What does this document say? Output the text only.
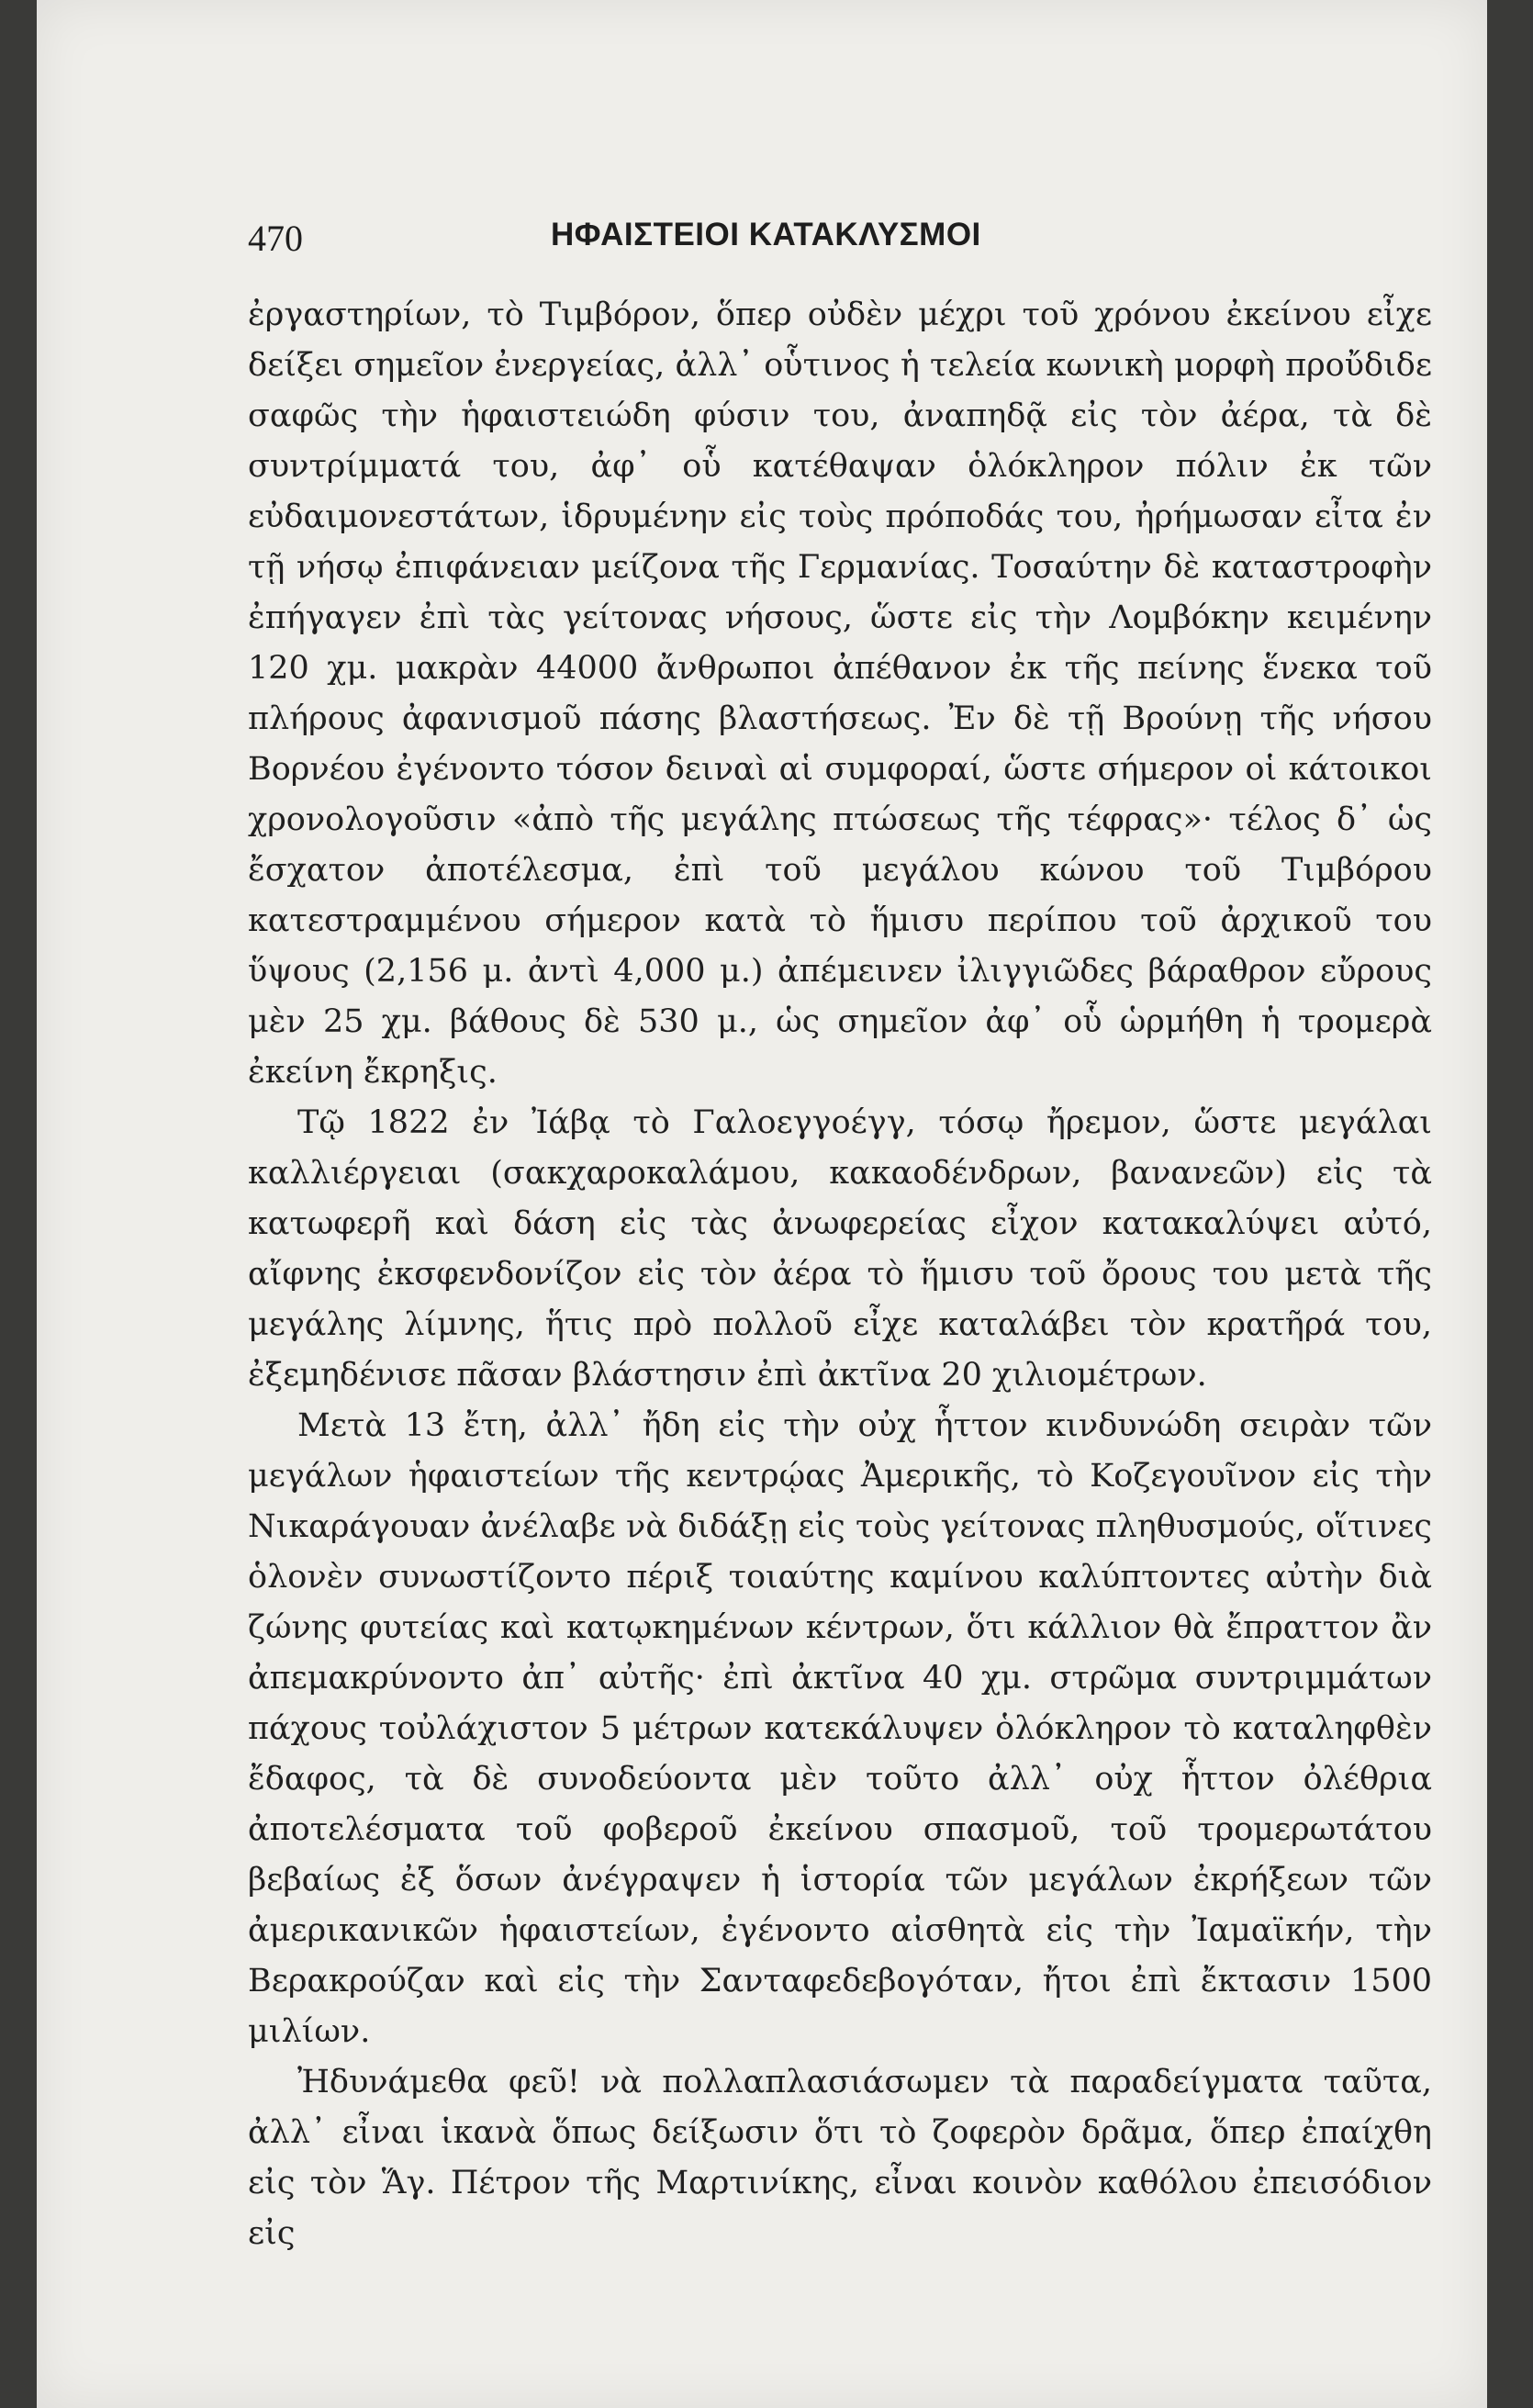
470	ΗΦΑΙΣΤΕΙΟΙ ΚΑΤΑΚΛΥΣΜΟΙ

ἐργαστηρίων, τὸ Τιμβόρον, ὅπερ οὐδὲν μέχρι τοῦ χρόνου ἐκείνου εἶχε δείξει σημεῖον ἐνεργείας, ἀλλ᾽ οὗτινος ἡ τελεία κωνικὴ μορφὴ προὔδιδε σαφῶς τὴν ἡφαιστειώδη φύσιν του, ἀναπηδᾷ εἰς τὸν ἀέρα, τὰ δὲ συντρίμματά του, ἀφ᾽ οὗ κατέθαψαν ὁλόκληρον πόλιν ἐκ τῶν εὐδαιμονεστάτων, ἱδρυμένην εἰς τοὺς πρόποδάς του, ἠρήμωσαν εἶτα ἐν τῇ νήσῳ ἐπιφάνειαν μείζονα τῆς Γερμανίας. Τοσαύτην δὲ καταστροφὴν ἐπήγαγεν ἐπὶ τὰς γείτονας νήσους, ὥστε εἰς τὴν Λομβόκην κειμένην 120 χμ. μακρὰν 44000 ἄνθρωποι ἀπέθανον ἐκ τῆς πείνης ἕνεκα τοῦ πλήρους ἀφανισμοῦ πάσης βλαστήσεως. Ἐν δὲ τῇ Βρούνῃ τῆς νήσου Βορνέου ἐγένοντο τόσον δειναὶ αἱ συμφοραί, ὥστε σήμερον οἱ κάτοικοι χρονολογοῦσιν «ἀπὸ τῆς μεγάλης πτώσεως τῆς τέφρας»· τέλος δ᾽ ὡς ἔσχατον ἀποτέλεσμα, ἐπὶ τοῦ μεγάλου κώνου τοῦ Τιμβόρου κατεστραμμένου σήμερον κατὰ τὸ ἥμισυ περίπου τοῦ ἀρχικοῦ του ὕψους (2,156 μ. ἀντὶ 4,000 μ.) ἀπέμεινεν ἰλιγγιῶδες βάραθρον εὔρους μὲν 25 χμ. βάθους δὲ 530 μ., ὡς σημεῖον ἀφ᾽ οὗ ὡρμήθη ἡ τρομερὰ ἐκείνη ἔκρηξις.

Τῷ 1822 ἐν Ἰάβᾳ τὸ Γαλοεγγοέγγ, τόσῳ ἤρεμον, ὥστε μεγάλαι καλλιέργειαι (σακχαροκαλάμου, κακαοδένδρων, βανανεῶν) εἰς τὰ κατωφερῆ καὶ δάση εἰς τὰς ἀνωφερείας εἶχον κατακαλύψει αὐτό, αἴφνης ἐκσφενδονίζον εἰς τὸν ἀέρα τὸ ἥμισυ τοῦ ὄρους του μετὰ τῆς μεγάλης λίμνης, ἥτις πρὸ πολλοῦ εἶχε καταλάβει τὸν κρατῆρά του, ἐξεμηδένισε πᾶσαν βλάστησιν ἐπὶ ἀκτῖνα 20 χιλιομέτρων.

Μετὰ 13 ἔτη, ἀλλ᾽ ἤδη εἰς τὴν οὐχ ἧττον κινδυνώδη σειρὰν τῶν μεγάλων ἡφαιστείων τῆς κεντρῴας Ἀμερικῆς, τὸ Κοζεγουῖνον εἰς τὴν Νικαράγουαν ἀνέλαβε νὰ διδάξῃ εἰς τοὺς γείτονας πληθυσμούς, οἵτινες ὁλονὲν συνωστίζοντο πέριξ τοιαύτης καμίνου καλύπτοντες αὐτὴν διὰ ζώνης φυτείας καὶ κατῳκημένων κέντρων, ὅτι κάλλιον θὰ ἔπραττον ἂν ἀπεμακρύνοντο ἀπ᾽ αὐτῆς· ἐπὶ ἀκτῖνα 40 χμ. στρῶμα συντριμμάτων πάχους τοὐλάχιστον 5 μέτρων κατεκάλυψεν ὁλόκληρον τὸ καταληφθὲν ἔδαφος, τὰ δὲ συνοδεύοντα μὲν τοῦτο ἀλλ᾽ οὐχ ἧττον ὀλέθρια ἀποτελέσματα τοῦ φοβεροῦ ἐκείνου σπασμοῦ, τοῦ τρομερωτάτου βεβαίως ἐξ ὅσων ἀνέγραψεν ἡ ἱστορία τῶν μεγάλων ἐκρήξεων τῶν ἀμερικανικῶν ἡφαιστείων, ἐγένοντο αἰσθητὰ εἰς τὴν Ἰαμαϊκήν, τὴν Βερακρούζαν καὶ εἰς τὴν Σανταφεδεβογόταν, ἤτοι ἐπὶ ἔκτασιν 1500 μιλίων.

Ἠδυνάμεθα φεῦ! νὰ πολλαπλασιάσωμεν τὰ παραδείγματα ταῦτα, ἀλλ᾽ εἶναι ἱκανὰ ὅπως δείξωσιν ὅτι τὸ ζοφερὸν δρᾶμα, ὅπερ ἐπαίχθη εἰς τὸν Ἅγ. Πέτρον τῆς Μαρτινίκης, εἶναι κοινὸν καθόλου ἐπεισόδιον εἰς
